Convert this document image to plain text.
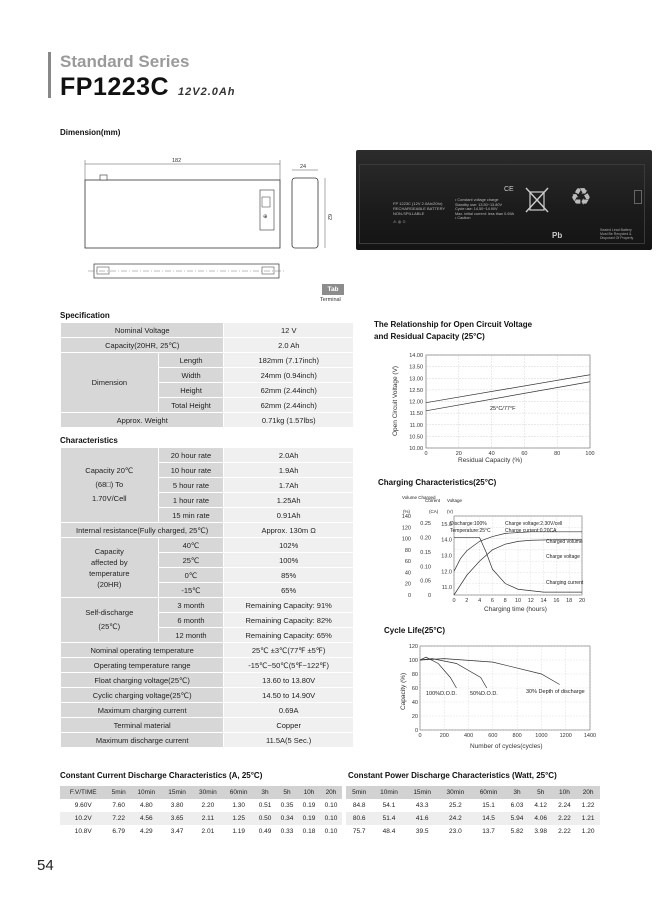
Standard Series
FP1223C 12V2.0Ah
Dimension(mm)
182
⊕
24
62
Tab
Terminal
FP 1223C (12V 2.0Ah/20hr)
RECHARGEABLE BATTERY
NON-SPILLABLE
⚠ ◎ ♲
• Constant voltage charge
Standby use: 13.50~13.80V
Cycle use: 14.50~14.90V
Max. initial current: less than 0.69A
• Caution
CE ♻
Pb
Sealed Lead Battery
Must Be Recycled &
Disposed Of Properly
Specification
Nominal Voltage		12 V
Capacity(20HR, 25℃)		2.0 Ah
Dimension	Length	182mm (7.17inch)
	Width	24mm (0.94inch)
	Height	62mm (2.44inch)
	Total Height	62mm (2.44inch)
Approx. Weight		0.71kg (1.57lbs)
Characteristics
Capacity 20℃
(68□) To
1.70V/Cell	20 hour rate	2.0Ah
	10 hour rate	1.9Ah
	5 hour rate	1.7Ah
	1 hour rate	1.25Ah
	15 min rate	0.91Ah
Internal resistance(Fully charged, 25℃)		Approx. 130m Ω

Capacity
affected by
temperature
(20HR)	40℃	102%
	25℃	100%
	0℃	85%
	-15℃	65%

Self-discharge
(25℃)	3 month	Remaining Capacity: 91%
	6 month	Remaining Capacity: 82%
	12 month	Remaining Capacity: 65%
Nominal operating temperature		25℃ ±3℃(77℉ ±5℉)
Operating temperature range		-15℃~50℃(5℉~122℉)
Float charging voltage(25℃)		13.60 to 13.80V
Cyclic charging voltage(25℃)		14.50 to 14.90V
Maximum charging current		0.69A
Terminal material		Copper
Maximum discharge current		11.5A(5 Sec.)
The Relationship for Open Circuit Voltage
and Residual Capacity (25°C)
10.00
10.50
11.00
11.50
12.00
12.50
13.00
13.50
14.00
0	20	40	60	80	100
25°C/77°F
Residual Capacity (%)
Open Circuit Voltage (V)
Charging Characteristics(25°C)
Volume Charged
Current Voltage
(%)	(CA) (V)
0
20
40
60
80
100
120
140
0
0.05
0.10
0.15
0.20
0.25
11.0
12.0
13.0
14.0
15.0
0 2 4 6 8 10 12 14 16 18 20
Discharge:100%
Temperature:25°C
Charge voltage:2.30V/cell
Charge current:0.20CA
Charged volume
Charge voltage
Charging current
Charging time (hours)
Cycle Life(25°C)
0
20
40
60
80
100
120
0	200	400	600	800 1000 1200 1400
100%D.O.D. 50%D.O.D.	30% Depth of discharge
Number of cycles(cycles)
Capacity (%)
Constant Current Discharge Characteristics (A, 25°C)
F.V/TIME	5min	10min	15min	30min	60min	3h	5h	10h	20h
9.60V	7.60	4.80	3.80	2.20	1.30	0.51	0.35	0.19	0.10
10.2V	7.22	4.56	3.65	2.11	1.25	0.50	0.34	0.19	0.10
10.8V	6.79	4.29	3.47	2.01	1.19	0.49	0.33	0.18	0.10
Constant Power Discharge Characteristics (Watt, 25°C)
5min	10min	15min	30min	60min	3h	5h	10h	20h
84.8	54.1	43.3	25.2	15.1	6.03	4.12	2.24	1.22
80.6	51.4	41.6	24.2	14.5	5.94	4.06	2.22	1.21
75.7	48.4	39.5	23.0	13.7	5.82	3.98	2.22	1.20
54
